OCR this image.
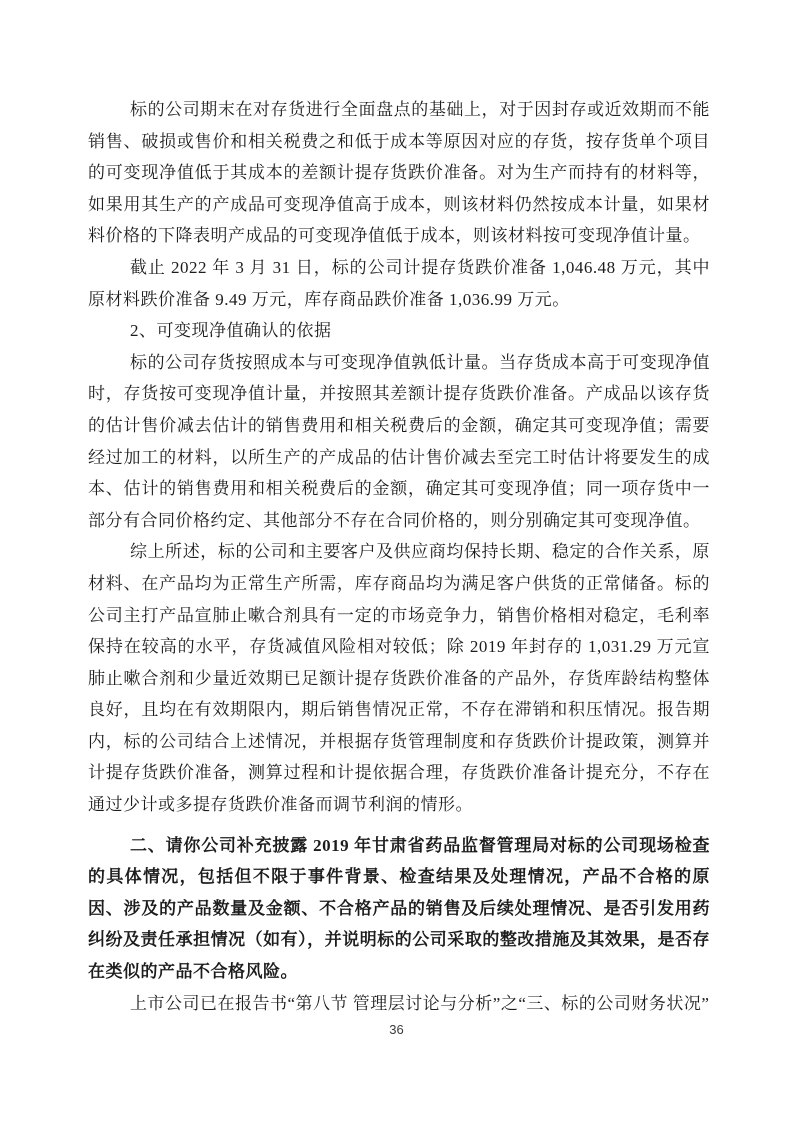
标的公司期末在对存货进行全面盘点的基础上，对于因封存或近效期而不能销售、破损或售价和相关税费之和低于成本等原因对应的存货，按存货单个项目的可变现净值低于其成本的差额计提存货跌价准备。对为生产而持有的材料等，如果用其生产的产成品可变现净值高于成本，则该材料仍然按成本计量，如果材料价格的下降表明产成品的可变现净值低于成本，则该材料按可变现净值计量。

截止 2022 年 3 月 31 日，标的公司计提存货跌价准备 1,046.48 万元，其中原材料跌价准备 9.49 万元，库存商品跌价准备 1,036.99 万元。

2、可变现净值确认的依据

标的公司存货按照成本与可变现净值孰低计量。当存货成本高于可变现净值时，存货按可变现净值计量，并按照其差额计提存货跌价准备。产成品以该存货的估计售价减去估计的销售费用和相关税费后的金额，确定其可变现净值；需要经过加工的材料，以所生产的产成品的估计售价减去至完工时估计将要发生的成本、估计的销售费用和相关税费后的金额，确定其可变现净值；同一项存货中一部分有合同价格约定、其他部分不存在合同价格的，则分别确定其可变现净值。

综上所述，标的公司和主要客户及供应商均保持长期、稳定的合作关系，原材料、在产品均为正常生产所需，库存商品均为满足客户供货的正常储备。标的公司主打产品宣肺止嗽合剂具有一定的市场竞争力，销售价格相对稳定，毛利率保持在较高的水平，存货减值风险相对较低；除 2019 年封存的 1,031.29 万元宣肺止嗽合剂和少量近效期已足额计提存货跌价准备的产品外，存货库龄结构整体良好，且均在有效期限内，期后销售情况正常，不存在滞销和积压情况。报告期内，标的公司结合上述情况，并根据存货管理制度和存货跌价计提政策，测算并计提存货跌价准备，测算过程和计提依据合理，存货跌价准备计提充分，不存在通过少计或多提存货跌价准备而调节利润的情形。

二、请你公司补充披露 2019 年甘肃省药品监督管理局对标的公司现场检查的具体情况，包括但不限于事件背景、检查结果及处理情况，产品不合格的原因、涉及的产品数量及金额、不合格产品的销售及后续处理情况、是否引发用药纠纷及责任承担情况（如有），并说明标的公司采取的整改措施及其效果，是否存在类似的产品不合格风险。

上市公司已在报告书“第八节 管理层讨论与分析”之“三、标的公司财务状况”

36
